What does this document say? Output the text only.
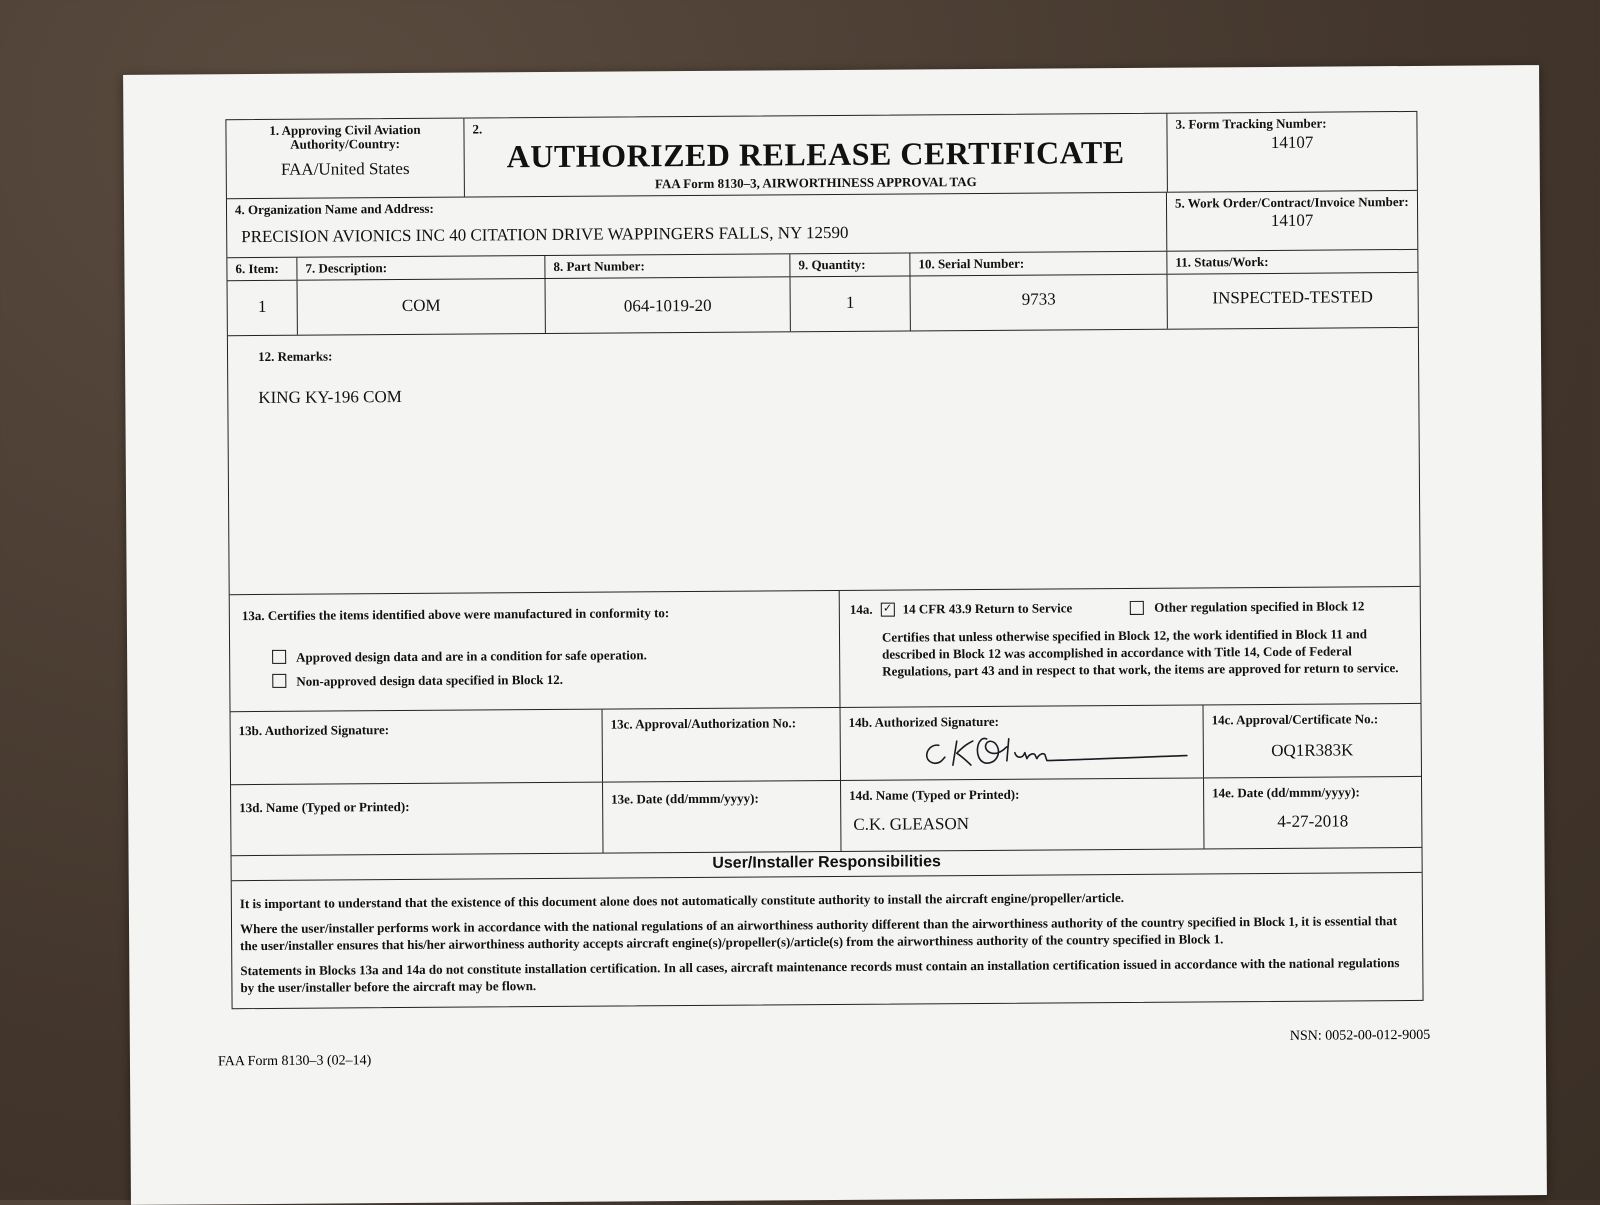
1. Approving Civil Aviation Authority/Country:
FAA/United States
2.
AUTHORIZED RELEASE CERTIFICATE
FAA Form 8130–3, AIRWORTHINESS APPROVAL TAG
3. Form Tracking Number:
14107
4. Organization Name and Address:
PRECISION AVIONICS INC 40 CITATION DRIVE WAPPINGERS FALLS, NY 12590
5. Work Order/Contract/Invoice Number:
14107
6. Item:	7. Description:	8. Part Number:	9. Quantity:	10. Serial Number:	11. Status/Work:
1	COM	064-1019-20	1	9733	INSPECTED-TESTED
12. Remarks:
KING KY-196 COM
13a. Certifies the items identified above were manufactured in conformity to:
Approved design data and are in a condition for safe operation.
Non-approved design data specified in Block 12.
14a. ✓ 14 CFR 43.9 Return to Service	Other regulation specified in Block 12
Certifies that unless otherwise specified in Block 12, the work identified in Block 11 and described in Block 12 was accomplished in accordance with Title 14, Code of Federal Regulations, part 43 and in respect to that work, the items are approved for return to service.
13b. Authorized Signature:	13c. Approval/Authorization No.:	14b. Authorized Signature:	14c. Approval/Certificate No.:
OQ1R383K
13d. Name (Typed or Printed):
13e. Date (dd/mmm/yyyy):	14d. Name (Typed or Printed):
C.K. GLEASON
14e. Date (dd/mmm/yyyy):
4-27-2018
User/Installer Responsibilities

It is important to understand that the existence of this document alone does not automatically constitute authority to install the aircraft engine/propeller/article.

Where the user/installer performs work in accordance with the national regulations of an airworthiness authority different than the airworthiness authority of the country specified in Block 1, it is essential that the user/installer ensures that his/her airworthiness authority accepts aircraft engine(s)/propeller(s)/article(s) from the airworthiness authority of the country specified in Block 1.

Statements in Blocks 13a and 14a do not constitute installation certification. In all cases, aircraft maintenance records must contain an installation certification issued in accordance with the national regulations by the user/installer before the aircraft may be flown.

FAA Form 8130–3 (02–14)
NSN: 0052-00-012-9005
